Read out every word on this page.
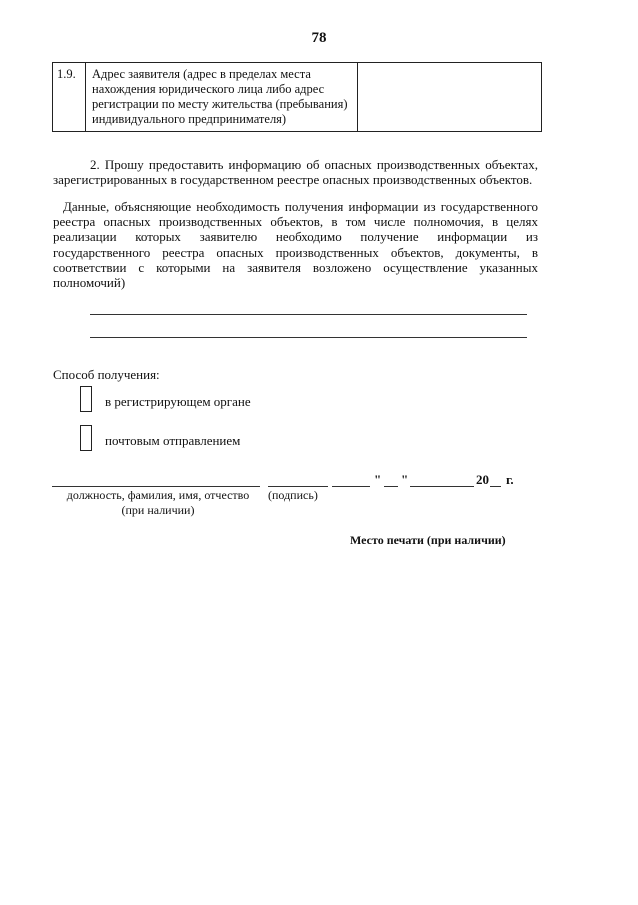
78
1.9.	Адрес заявителя (адрес в пределах места нахождения юридического лица либо адрес регистрации по месту жительства (пребывания) индивидуального предпринимателя)	
2. Прошу предоставить информацию об опасных производственных объектах, зарегистрированных в государственном реестре опасных производственных объектов.
Данные, объясняющие необходимость получения информации из государственного реестра опасных производственных объектов, в том числе полномочия, в целях реализации которых заявителю необходимо получение информации из государственного реестра опасных производственных объектов, документы, в соответствии с которыми на заявителя возложено осуществление указанных полномочий)
Способ получения:
в регистрирующем органе
почтовым отправлением
" "	20 г.
должность, фамилия, имя, отчество (при наличии)
(подпись)
Место печати (при наличии)
